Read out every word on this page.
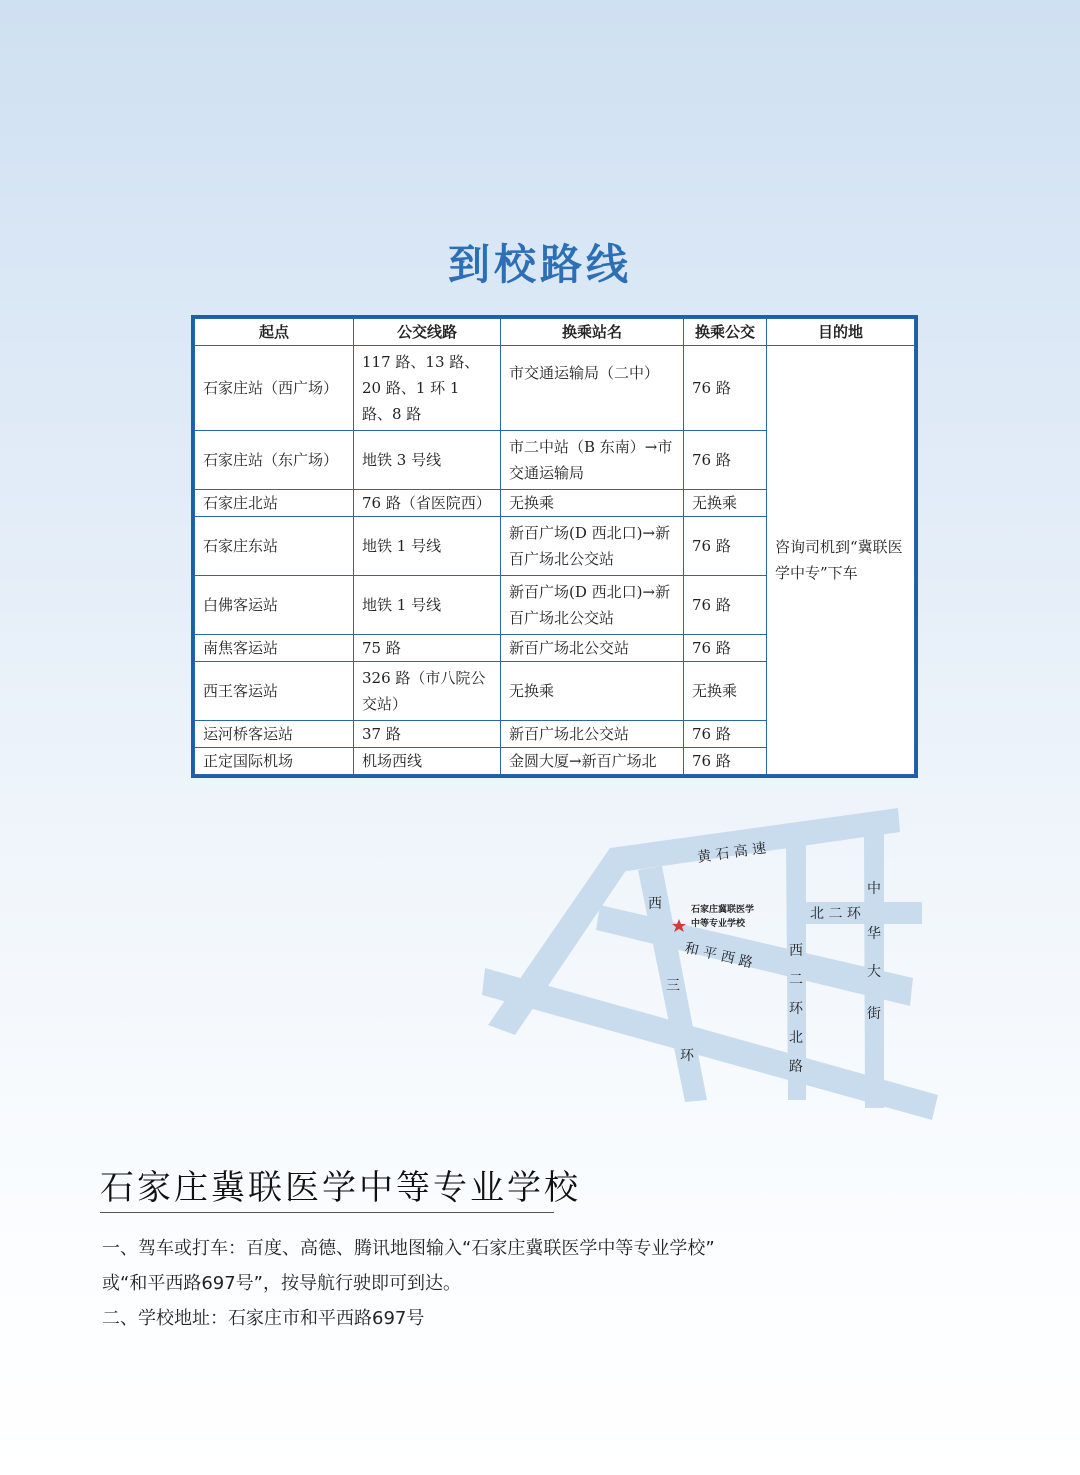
到校路线
起点	公交线路	换乘站名	换乘公交	目的地
石家庄站（西广场）	117 路、13 路、20 路、1 环 1 路、8 路	市交通运输局（二中）	76 路	咨询司机到“冀联医学中专”下车
石家庄站（东广场）	地铁 3 号线	市二中站（B 东南）→市交通运输局	76 路	
石家庄北站	76 路（省医院西）	无换乘	无换乘	
石家庄东站	地铁 1 号线	新百广场(D 西北口)→新百广场北公交站	76 路	
白佛客运站	地铁 1 号线	新百广场(D 西北口)→新百广场北公交站	76 路	
南焦客运站	75 路	新百广场北公交站	76 路	
西王客运站	326 路（市八院公交站）	无换乘	无换乘	
运河桥客运站	37 路	新百广场北公交站	76 路	
正定国际机场	机场西线	金圆大厦→新百广场北	76 路	
黄 石 高 速
西
三
环
和 平 西 路
北 二 环
西
二
环
北
路
中
华
大
街
石家庄冀联医学
中等专业学校
石家庄冀联医学中等专业学校
一、驾车或打车：百度、高德、腾讯地图输入“石家庄冀联医学中等专业学校”
或“和平西路697号”，按导航行驶即可到达。
二、学校地址：石家庄市和平西路697号
